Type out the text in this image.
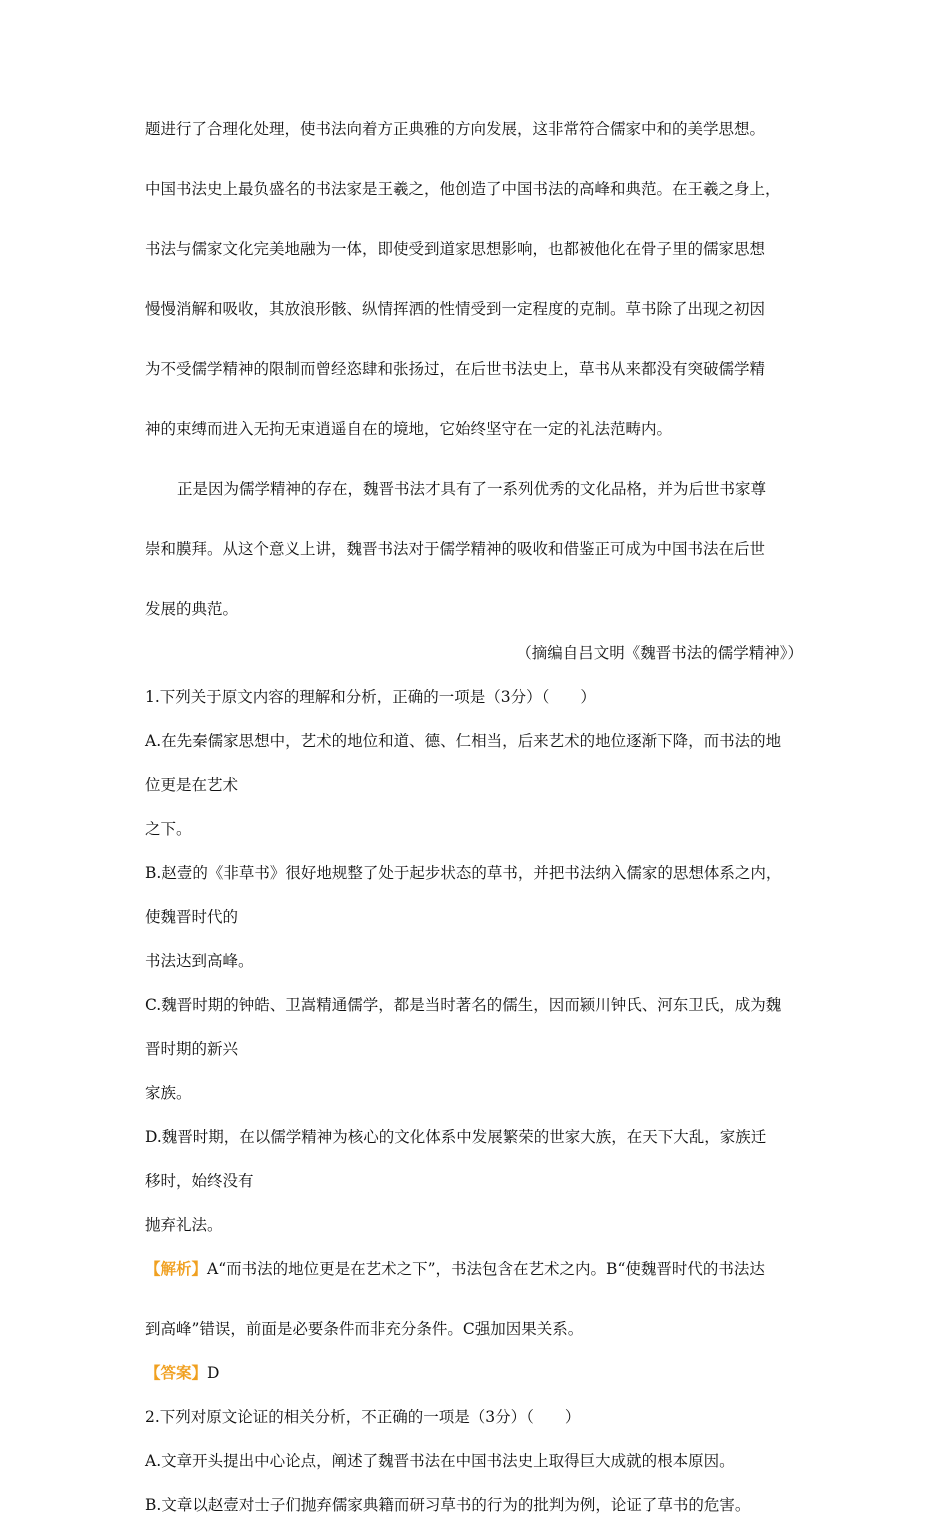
题进行了合理化处理，使书法向着方正典雅的方向发展，这非常符合儒家中和的美学思想。

中国书法史上最负盛名的书法家是王羲之，他创造了中国书法的高峰和典范。在王羲之身上，

书法与儒家文化完美地融为一体，即使受到道家思想影响，也都被他化在骨子里的儒家思想

慢慢消解和吸收，其放浪形骸、纵情挥洒的性情受到一定程度的克制。草书除了出现之初因

为不受儒学精神的限制而曾经恣肆和张扬过，在后世书法史上，草书从来都没有突破儒学精

神的束缚而进入无拘无束逍遥自在的境地，它始终坚守在一定的礼法范畴内。

正是因为儒学精神的存在，魏晋书法才具有了一系列优秀的文化品格，并为后世书家尊

崇和膜拜。从这个意义上讲，魏晋书法对于儒学精神的吸收和借鉴正可成为中国书法在后世

发展的典范。

（摘编自吕文明《魏晋书法的儒学精神》）

1.下列关于原文内容的理解和分析，正确的一项是（3分）（　　）

A.在先秦儒家思想中，艺术的地位和道、德、仁相当，后来艺术的地位逐渐下降，而书法的地

位更是在艺术

之下。

B.赵壹的《非草书》很好地规整了处于起步状态的草书，并把书法纳入儒家的思想体系之内，

使魏晋时代的

书法达到高峰。

C.魏晋时期的钟皓、卫嵩精通儒学，都是当时著名的儒生，因而颍川钟氏、河东卫氏，成为魏

晋时期的新兴

家族。

D.魏晋时期，在以儒学精神为核心的文化体系中发展繁荣的世家大族，在天下大乱，家族迁

移时，始终没有

抛弃礼法。

【解析】A“而书法的地位更是在艺术之下”，书法包含在艺术之内。B“使魏晋时代的书法达

到高峰”错误，前面是必要条件而非充分条件。C强加因果关系。

【答案】D

2.下列对原文论证的相关分析，不正确的一项是（3分）（　　）

A.文章开头提出中心论点，阐述了魏晋书法在中国书法史上取得巨大成就的根本原因。

B.文章以赵壹对士子们抛弃儒家典籍而研习草书的行为的批判为例，论证了草书的危害。
